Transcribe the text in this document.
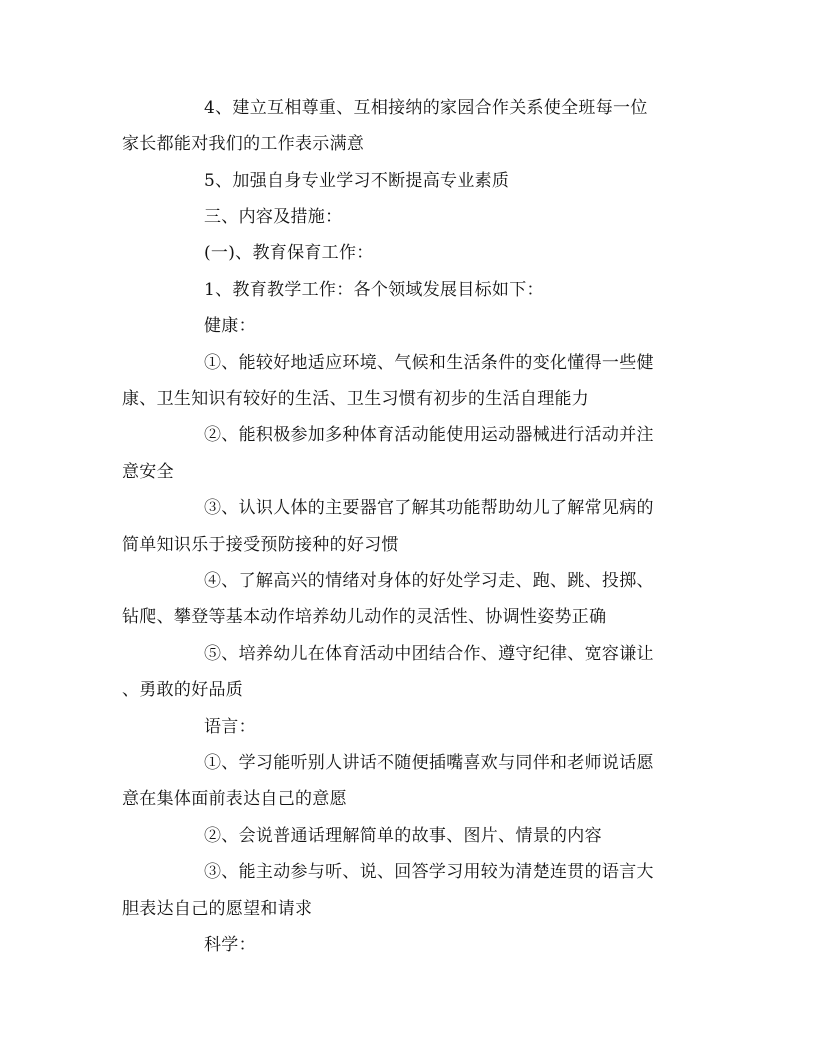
4、建立互相尊重、互相接纳的家园合作关系使全班每一位
家长都能对我们的工作表示满意
5、加强自身专业学习不断提高专业素质
三、内容及措施：
(一)、教育保育工作：
1、教育教学工作：各个领域发展目标如下：
健康：
①、能较好地适应环境、气候和生活条件的变化懂得一些健
康、卫生知识有较好的生活、卫生习惯有初步的生活自理能力
②、能积极参加多种体育活动能使用运动器械进行活动并注
意安全
③、认识人体的主要器官了解其功能帮助幼儿了解常见病的
简单知识乐于接受预防接种的好习惯
④、了解高兴的情绪对身体的好处学习走、跑、跳、投掷、
钻爬、攀登等基本动作培养幼儿动作的灵活性、协调性姿势正确
⑤、培养幼儿在体育活动中团结合作、遵守纪律、宽容谦让
、勇敢的好品质
语言：
①、学习能听别人讲话不随便插嘴喜欢与同伴和老师说话愿
意在集体面前表达自己的意愿
②、会说普通话理解简单的故事、图片、情景的内容
③、能主动参与听、说、回答学习用较为清楚连贯的语言大
胆表达自己的愿望和请求
科学：
